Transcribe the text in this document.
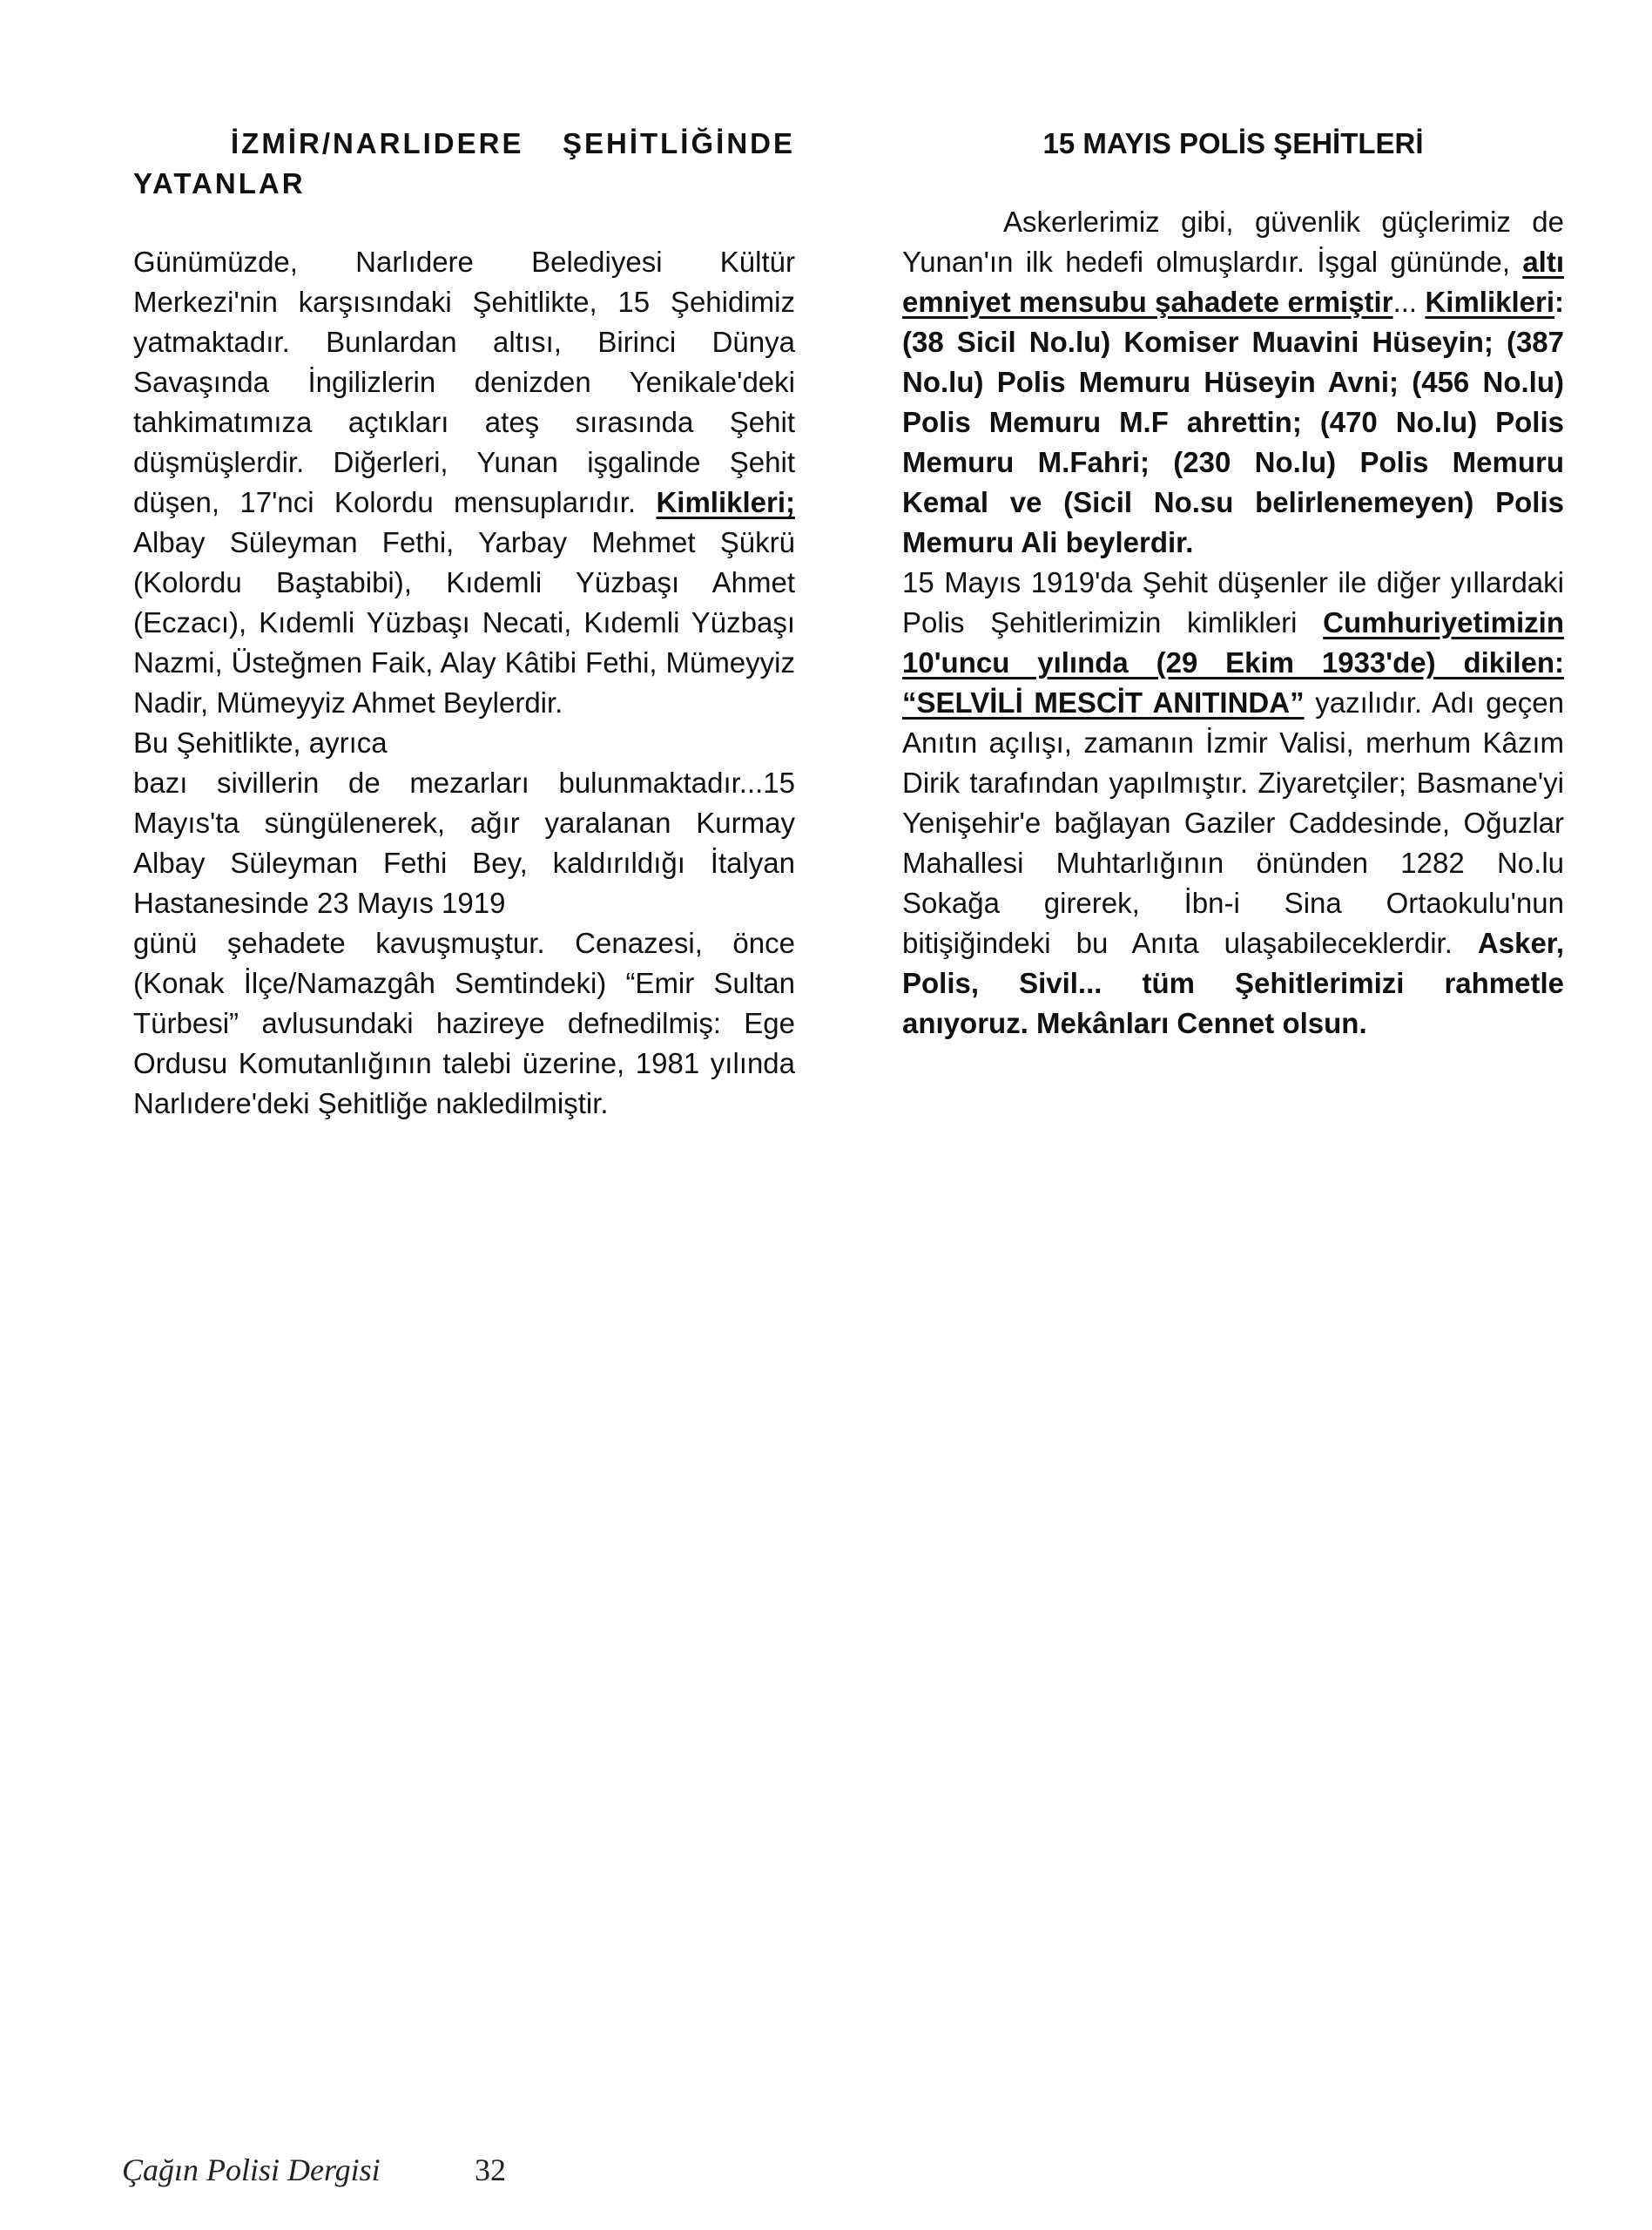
İZMİR/NARLIDERE ŞEHİTLİĞİNDE
YATANLAR
Günümüzde, Narlıdere Belediyesi Kültür Merkezi'nin karşısındaki Şehitlikte, 15 Şehidimiz yatmaktadır. Bunlardan altısı, Birinci Dünya Savaşında İngilizlerin denizden Yenikale'deki tahkimatımıza açtıkları ateş sırasında Şehit düşmüşlerdir. Diğerleri, Yunan işgalinde Şehit düşen, 17'nci Kolordu mensuplarıdır. Kimlikleri; Albay Süleyman Fethi, Yarbay Mehmet Şükrü (Kolordu Baştabibi), Kıdemli Yüzbaşı Ahmet (Eczacı), Kıdemli Yüzbaşı Necati, Kıdemli Yüzbaşı Nazmi, Üsteğmen Faik, Alay Kâtibi Fethi, Mümeyyiz Nadir, Mümeyyiz Ahmet Beylerdir.
Bu Şehitlikte, ayrıca
bazı sivillerin de mezarları bulunmaktadır...15 Mayıs'ta süngülenerek, ağır yaralanan Kurmay Albay Süleyman Fethi Bey, kaldırıldığı İtalyan Hastanesinde 23 Mayıs 1919
günü şehadete kavuşmuştur. Cenazesi, önce (Konak İlçe/Namazgâh Semtindeki) “Emir Sultan Türbesi” avlusundaki hazireye defnedilmiş: Ege Ordusu Komutanlığının talebi üzerine, 1981 yılında Narlıdere'deki Şehitliğe nakledilmiştir.
15 MAYIS POLİS ŞEHİTLERİ
Askerlerimiz gibi, güvenlik güçlerimiz de Yunan'ın ilk hedefi olmuşlardır. İşgal gününde, altı emniyet mensubu şahadete ermiştir... Kimlikleri: (38 Sicil No.lu) Komiser Muavini Hüseyin; (387 No.lu) Polis Memuru Hüseyin Avni; (456 No.lu) Polis Memuru M.F ahrettin; (470 No.lu) Polis Memuru M.Fahri; (230 No.lu) Polis Memuru Kemal ve (Sicil No.su belirlenemeyen) Polis Memuru Ali beylerdir.
15 Mayıs 1919'da Şehit düşenler ile diğer yıllardaki Polis Şehitlerimizin kimlikleri Cumhuriyetimizin 10'uncu yılında (29 Ekim 1933'de) dikilen: “SELVİLİ MESCİT ANITINDA” yazılıdır. Adı geçen Anıtın açılışı, zamanın İzmir Valisi, merhum Kâzım Dirik tarafından yapılmıştır. Ziyaretçiler; Basmane'yi Yenişehir'e bağlayan Gaziler Caddesinde, Oğuzlar Mahallesi Muhtarlığının önünden 1282 No.lu Sokağa girerek, İbn-i Sina Ortaokulu'nun bitişiğindeki bu Anıta ulaşabileceklerdir. Asker, Polis, Sivil... tüm Şehitlerimizi rahmetle anıyoruz. Mekânları Cennet olsun.
Çağın Polisi Dergisi	32
